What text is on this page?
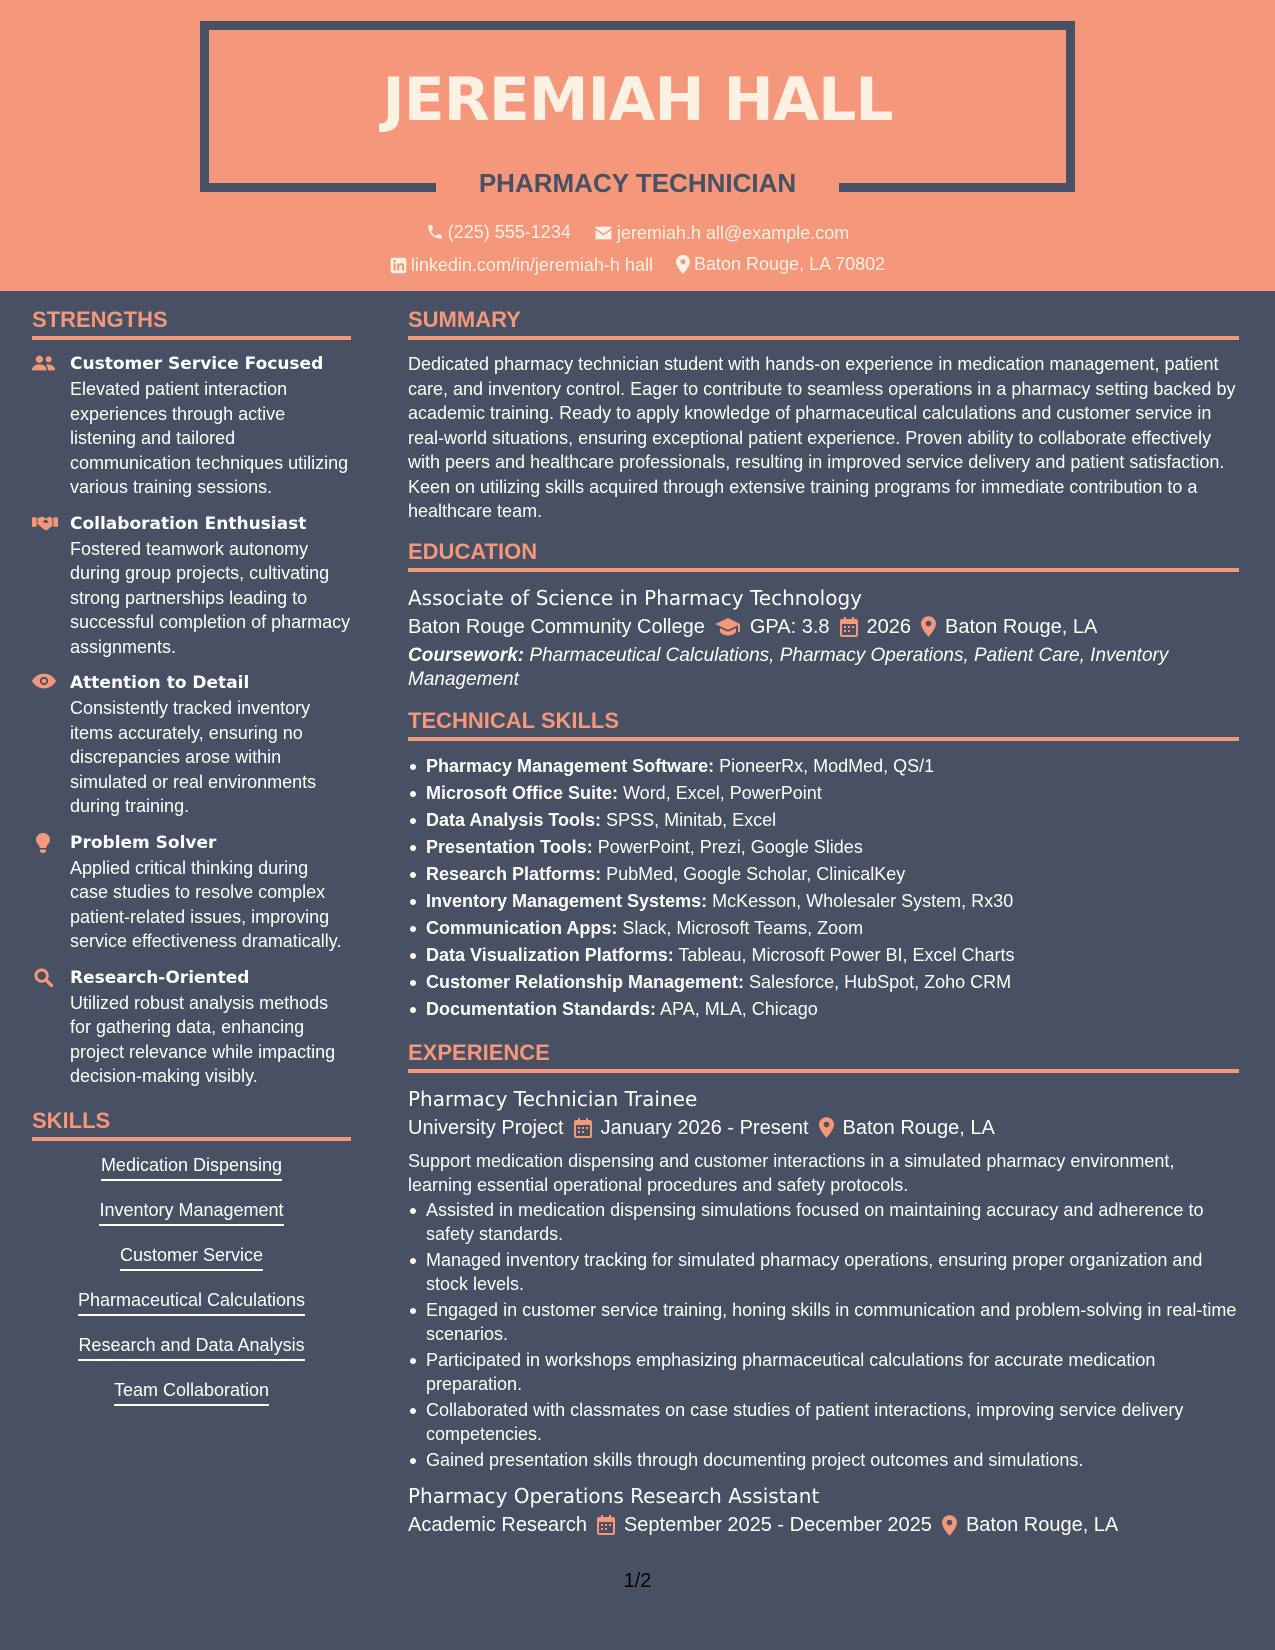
JEREMIAH HALL
PHARMACY TECHNICIAN
(225) 555-1234
	jeremiah.h all@example.com
linkedin.com/in/jeremiah-h hall
Baton Rouge, LA 70802
STRENGTHS
Customer Service Focused
Elevated patient interaction experiences through active listening and tailored communication techniques utilizing various training sessions.
Collaboration Enthusiast
Fostered teamwork autonomy during group projects, cultivating strong partnerships leading to successful completion of pharmacy assignments.
Attention to Detail
Consistently tracked inventory items accurately, ensuring no discrepancies arose within simulated or real environments during training.
Problem Solver
Applied critical thinking during case studies to resolve complex patient-related issues, improving service effectiveness dramatically.
Research-Oriented
Utilized robust analysis methods for gathering data, enhancing project relevance while impacting decision-making visibly.
SKILLS
Medication Dispensing
Inventory Management
Customer Service
Pharmaceutical Calculations
Research and Data Analysis
Team Collaboration
SUMMARY
Dedicated pharmacy technician student with hands-on experience in medication management, patient care, and inventory control. Eager to contribute to seamless operations in a pharmacy setting backed by academic training. Ready to apply knowledge of pharmaceutical calculations and customer service in real-world situations, ensuring exceptional patient experience. Proven ability to collaborate effectively with peers and healthcare professionals, resulting in improved service delivery and patient satisfaction. Keen on utilizing skills acquired through extensive training programs for immediate contribution to a healthcare team.
EDUCATION
Associate of Science in Pharmacy Technology
Baton Rouge Community College GPA: 3.8 2026 Baton Rouge, LA
Coursework: Pharmaceutical Calculations, Pharmacy Operations, Patient Care, Inventory Management
TECHNICAL SKILLS
Pharmacy Management Software: PioneerRx, ModMed, QS/1
Microsoft Office Suite: Word, Excel, PowerPoint
Data Analysis Tools: SPSS, Minitab, Excel
Presentation Tools: PowerPoint, Prezi, Google Slides
Research Platforms: PubMed, Google Scholar, ClinicalKey
Inventory Management Systems: McKesson, Wholesaler System, Rx30
Communication Apps: Slack, Microsoft Teams, Zoom
Data Visualization Platforms: Tableau, Microsoft Power BI, Excel Charts
Customer Relationship Management: Salesforce, HubSpot, Zoho CRM
Documentation Standards: APA, MLA, Chicago
EXPERIENCE
Pharmacy Technician Trainee
University Project January 2026 - Present Baton Rouge, LA
Support medication dispensing and customer interactions in a simulated pharmacy environment, learning essential operational procedures and safety protocols.
Assisted in medication dispensing simulations focused on maintaining accuracy and adherence to safety standards.
Managed inventory tracking for simulated pharmacy operations, ensuring proper organization and stock levels.
Engaged in customer service training, honing skills in communication and problem-solving in real-time scenarios.
Participated in workshops emphasizing pharmaceutical calculations for accurate medication preparation.
Collaborated with classmates on case studies of patient interactions, improving service delivery competencies.
Gained presentation skills through documenting project outcomes and simulations.
Pharmacy Operations Research Assistant
Academic Research September 2025 - December 2025 Baton Rouge, LA
1/2
